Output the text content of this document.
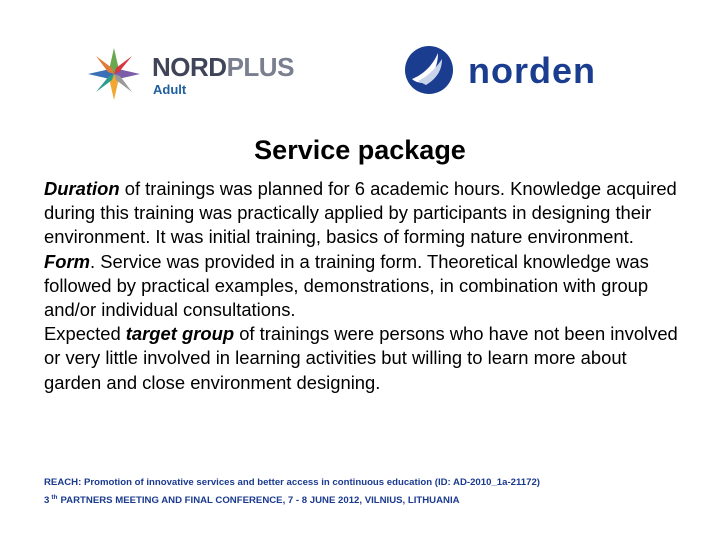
NORDPLUS
Adult	norden
Service package

Duration of trainings was planned for 6 academic hours. Knowledge acquired during this training was practically applied by participants in designing their environment. It was initial training, basics of forming nature environment.

Form. Service was provided in a training form. Theoretical knowledge was followed by practical examples, demonstrations, in combination with group and/or individual consultations.

Expected target group of trainings were persons who have not been involved or very little involved in learning activities but willing to learn more about garden and close environment designing.

REACH: Promotion of innovative services and better access in continuous education (ID: AD-2010_1a-21172)

3 $^{th}$ PARTNERS MEETING AND FINAL CONFERENCE, 7 - 8 JUNE 2012, VILNIUS, LITHUANIA
